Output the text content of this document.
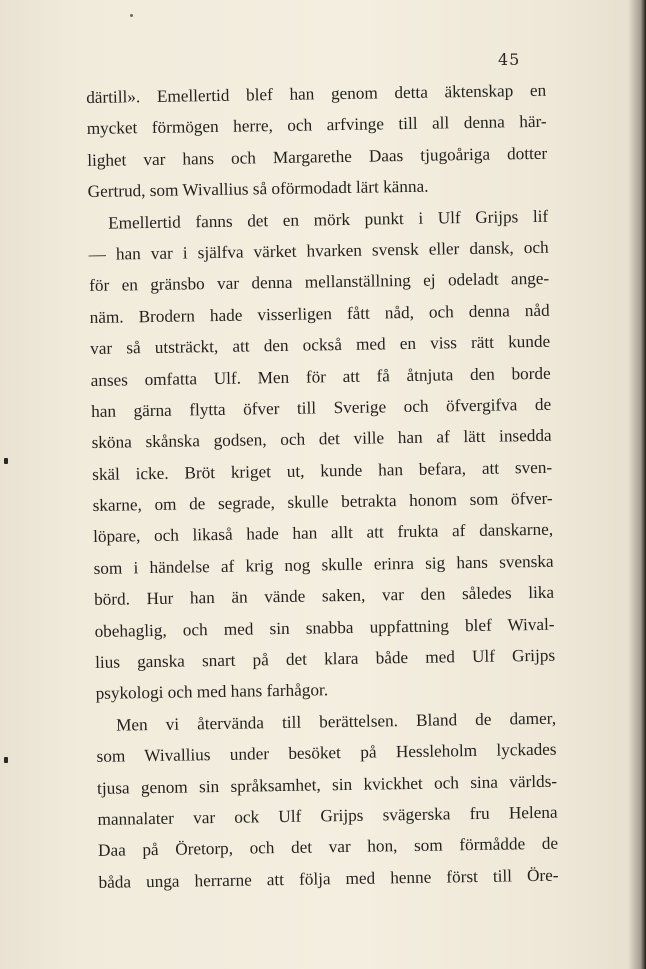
45
därtill». Emellertid blef han genom detta äktenskap en
mycket förmögen herre, och arfvinge till all denna här-
lighet var hans och Margarethe Daas tjugoåriga dotter
Gertrud, som Wivallius så oförmodadt lärt känna.
Emellertid fanns det en mörk punkt i Ulf Grijps lif
— han var i själfva värket hvarken svensk eller dansk, och
för en gränsbo var denna mellanställning ej odeladt ange-
näm. Brodern hade visserligen fått nåd, och denna nåd
var så utsträckt, att den också med en viss rätt kunde
anses omfatta Ulf. Men för att få åtnjuta den borde
han gärna flytta öfver till Sverige och öfvergifva de
sköna skånska godsen, och det ville han af lätt insedda
skäl icke. Bröt kriget ut, kunde han befara, att sven-
skarne, om de segrade, skulle betrakta honom som öfver-
löpare, och likaså hade han allt att frukta af danskarne,
som i händelse af krig nog skulle erinra sig hans svenska
börd. Hur han än vände saken, var den således lika
obehaglig, och med sin snabba uppfattning blef Wival-
lius ganska snart på det klara både med Ulf Grijps
psykologi och med hans farhågor.
Men vi återvända till berättelsen. Bland de damer,
som Wivallius under besöket på Hessleholm lyckades
tjusa genom sin språksamhet, sin kvickhet och sina världs-
mannalater var ock Ulf Grijps svägerska fru Helena
Daa på Öretorp, och det var hon, som förmådde de
båda unga herrarne att följa med henne först till Öre-
